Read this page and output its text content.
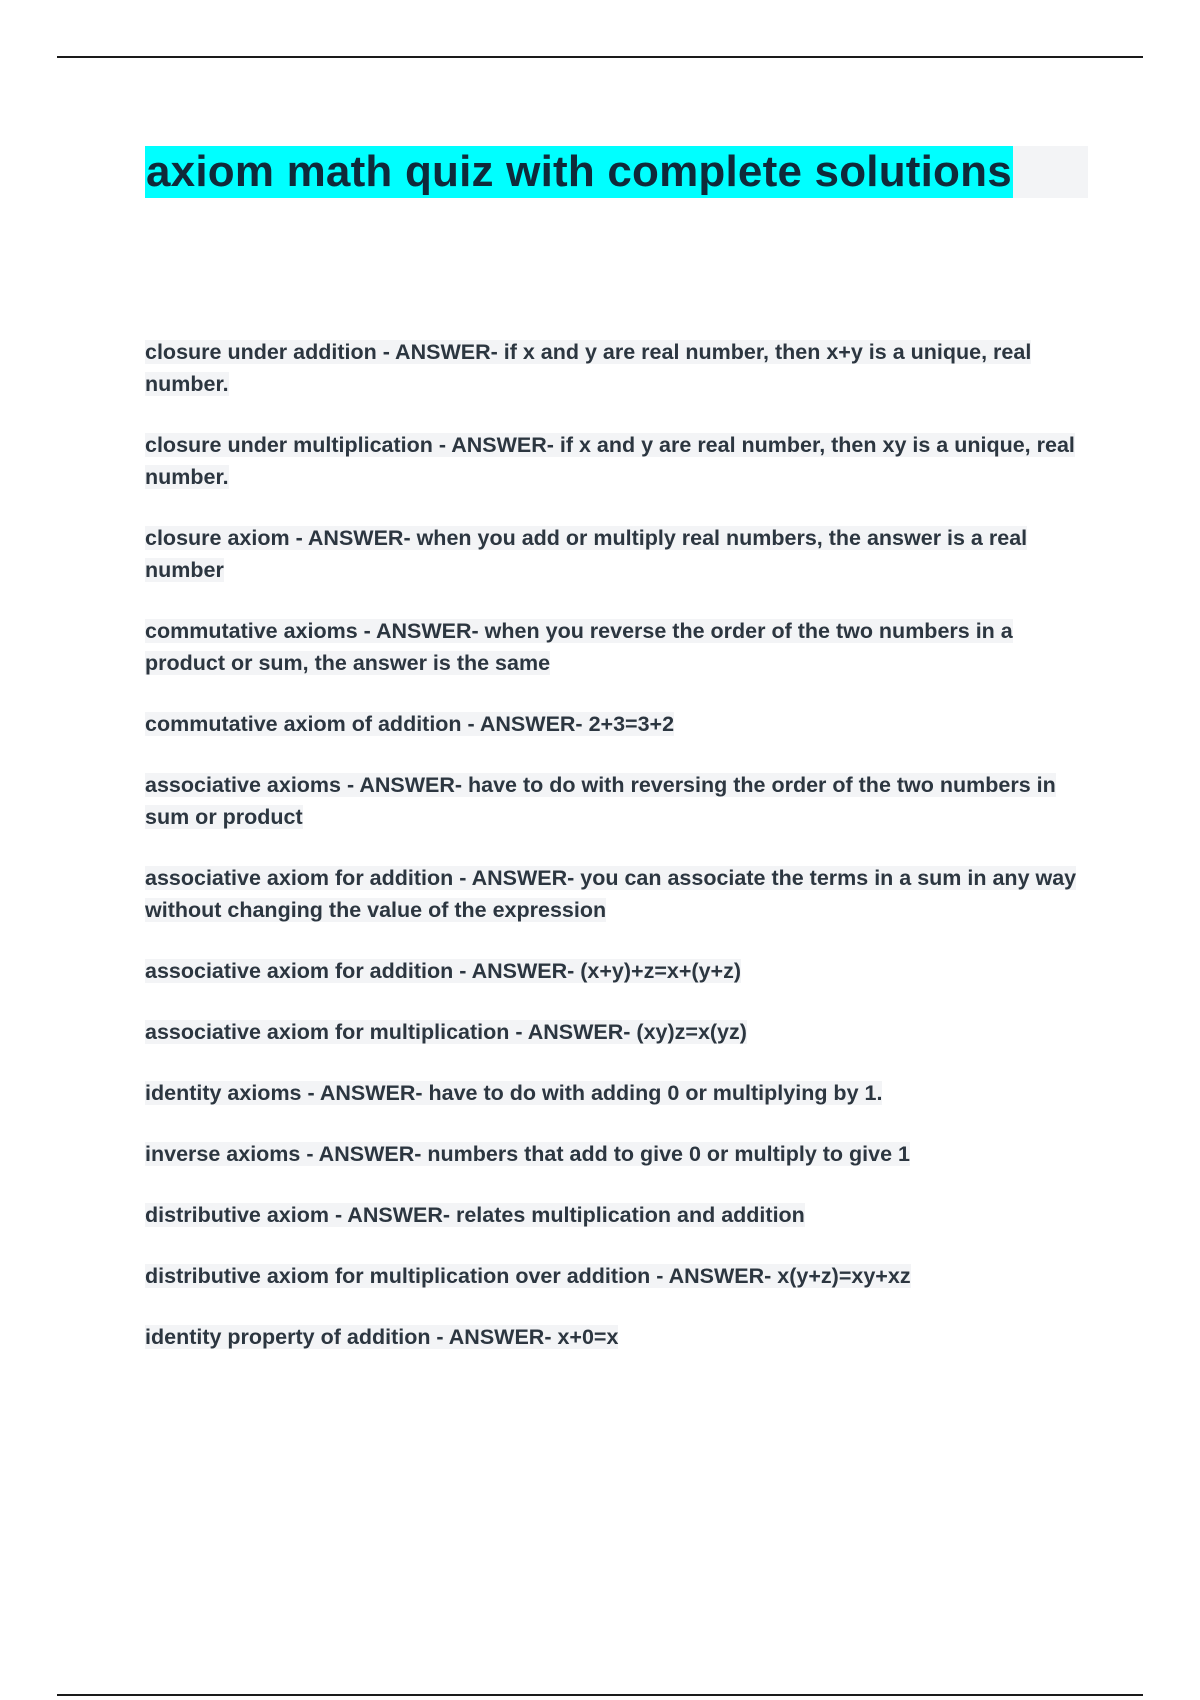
axiom math quiz with complete solutions
closure under addition - ANSWER- if x and y are real number, then x+y is a unique, real number.
closure under multiplication - ANSWER- if x and y are real number, then xy is a unique, real number.
closure axiom - ANSWER- when you add or multiply real numbers, the answer is a real number
commutative axioms - ANSWER- when you reverse the order of the two numbers in a product or sum, the answer is the same
commutative axiom of addition - ANSWER- 2+3=3+2
associative axioms - ANSWER- have to do with reversing the order of the two numbers in sum or product
associative axiom for addition - ANSWER- you can associate the terms in a sum in any way without changing the value of the expression
associative axiom for addition - ANSWER- (x+y)+z=x+(y+z)
associative axiom for multiplication - ANSWER- (xy)z=x(yz)
identity axioms - ANSWER- have to do with adding 0 or multiplying by 1.
inverse axioms - ANSWER- numbers that add to give 0 or multiply to give 1
distributive axiom - ANSWER- relates multiplication and addition
distributive axiom for multiplication over addition - ANSWER- x(y+z)=xy+xz
identity property of addition - ANSWER- x+0=x
